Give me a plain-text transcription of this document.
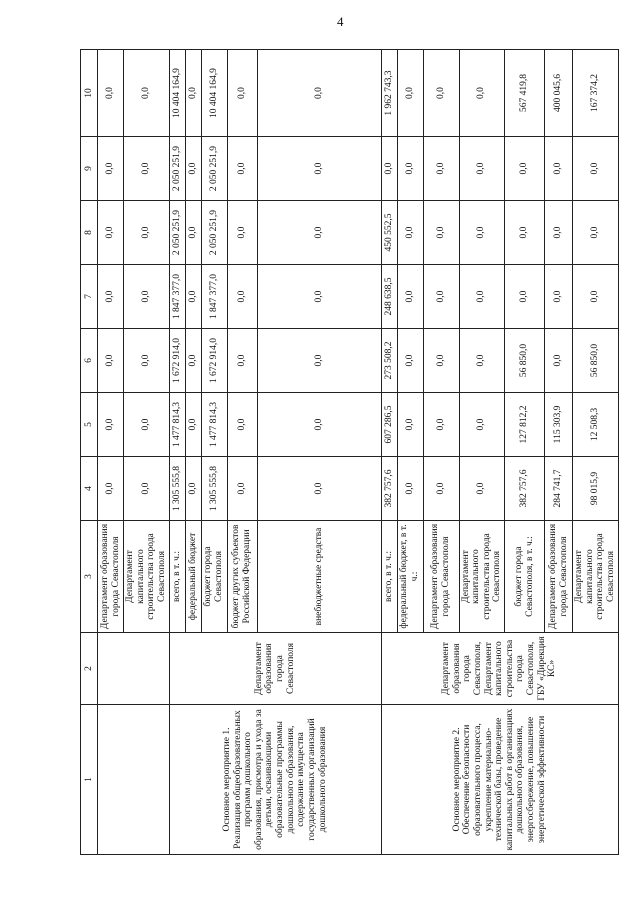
4
1	2	3	4	5	6	7	8	9	10
		Департамент образования города Севастополя	0,0	0,0	0,0	0,0	0,0	0,0	0,0
		Департамент капитального строительства города Севастополя	0,0	0,0	0,0	0,0	0,0	0,0	0,0
Основное мероприятие 1. Реализация общеобразовательных программ дошкольного образования, присмотра и ухода за детьми, осваивающими образовательные программы дошкольного образования, содержание имущества государственных организаций дошкольного образования	Департамент образования города Севастополя	всего, в т. ч.:	1 305 555,8	1 477 814,3	1 672 914,0	1 847 377,0	2 050 251,9	2 050 251,9	10 404 164,9
		федеральный бюджет	0,0	0,0	0,0	0,0	0,0	0,0	0,0
		бюджет города Севастополя	1 305 555,8	1 477 814,3	1 672 914,0	1 847 377,0	2 050 251,9	2 050 251,9	10 404 164,9
		бюджет других субъектов Российской Федерации	0,0	0,0	0,0	0,0	0,0	0,0	0,0
		внебюджетные средства	0,0	0,0	0,0	0,0	0,0	0,0	0,0
Основное мероприятие 2. Обеспечение безопасности образовательного процесса, укрепление материально-технической базы, проведение капитальных работ в организациях дошкольного образования, энергосбережение, повышение энергетической эффективности	Департамент образования города Севастополя, Департамент капитального строительства города Севастополя, ГБУ «Дирекция КС»	всего, в т. ч.:	382 757,6	607 286,5	273 508,2	248 638,5	450 552,5	0,0	1 962 743,3
		федеральный бюджет, в т. ч.:	0,0	0,0	0,0	0,0	0,0	0,0	0,0
		Департамент образования города Севастополя	0,0	0,0	0,0	0,0	0,0	0,0	0,0
		Департамент капитального строительства города Севастополя	0,0	0,0	0,0	0,0	0,0	0,0	0,0
		бюджет города Севастополя, в т. ч.:	382 757,6	127 812,2	56 850,0	0,0	0,0	0,0	567 419,8
		Департамент образования города Севастополя	284 741,7	115 303,9	0,0	0,0	0,0	0,0	400 045,6
		Департамент капитального строительства города Севастополя	98 015,9	12 508,3	56 850,0	0,0	0,0	0,0	167 374,2
